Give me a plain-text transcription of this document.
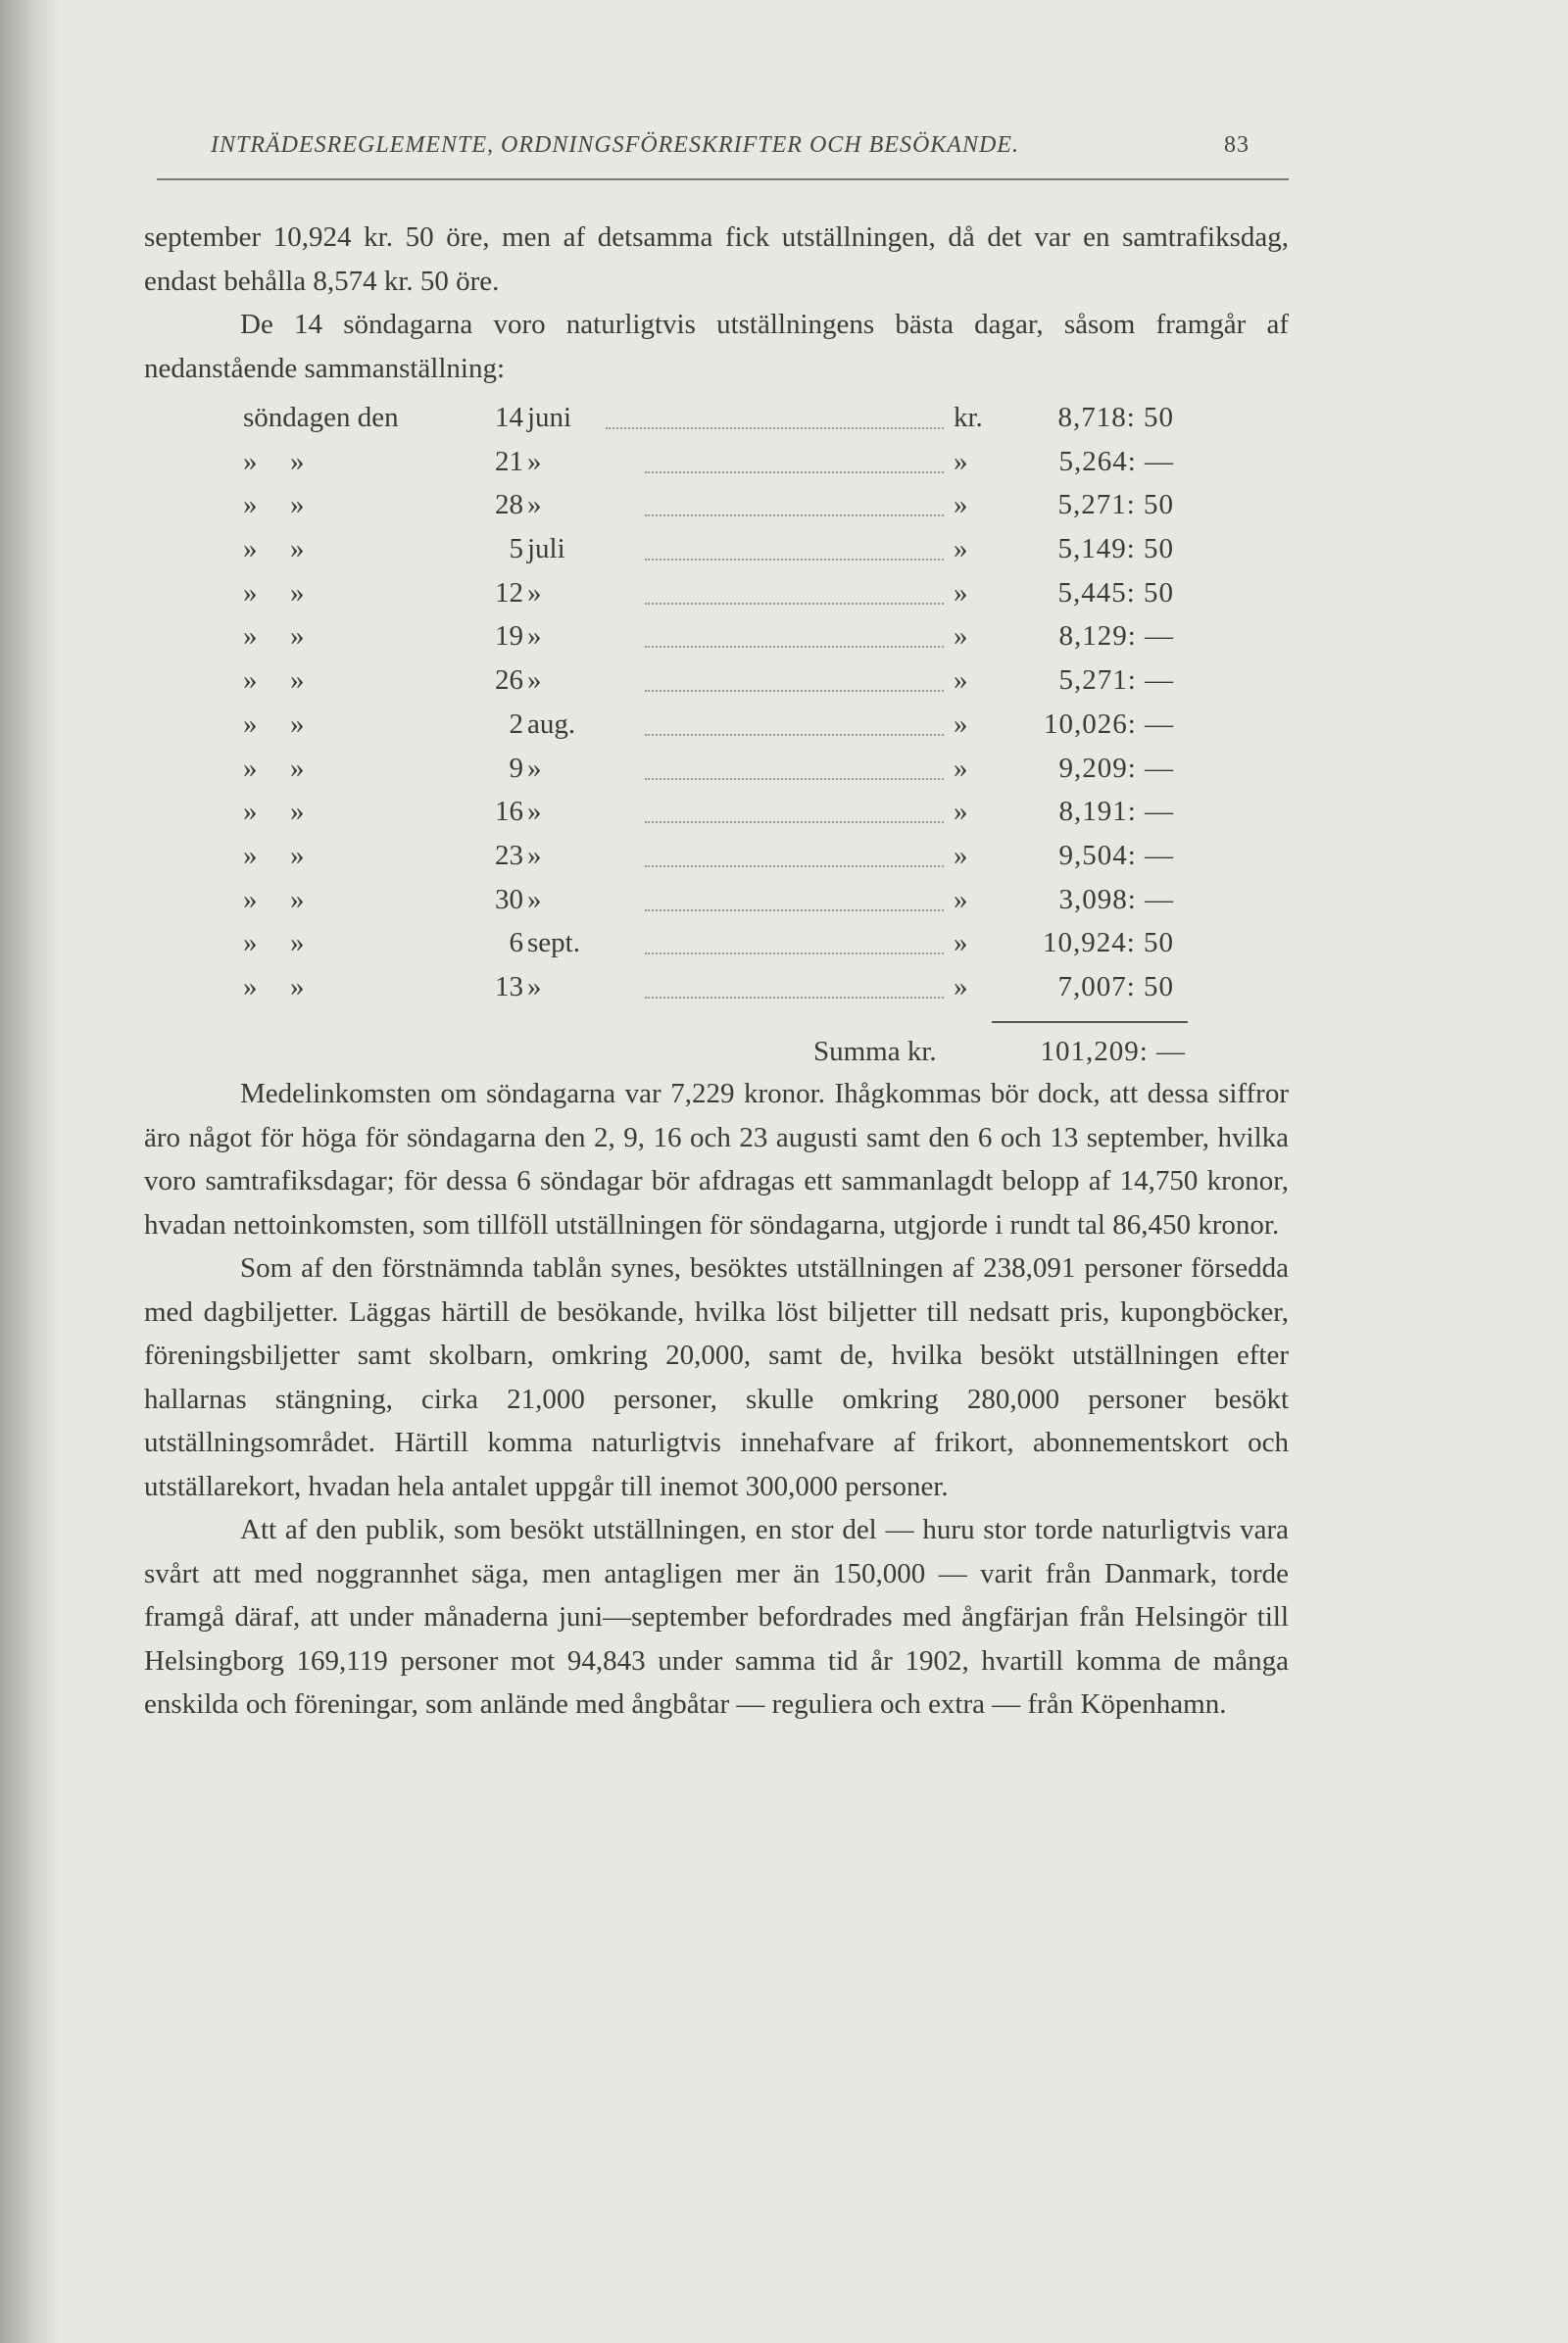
INTRÄDESREGLEMENTE, ORDNINGSFÖRESKRIFTER OCH BESÖKANDE.	83

september 10,924 kr. 50 öre, men af detsamma fick utställningen, då det var en samtrafiksdag, endast behålla 8,574 kr. 50 öre.

De 14 söndagarna voro naturligtvis utställningens bästa dagar, såsom framgår af nedanstående sammanställning:

söndagen den	14 juni	kr.	8,718: 50
» »	21 »	»	5,264: —
» »	28 »	»	5,271: 50
» »	5 juli	»	5,149: 50
» »	12 »	»	5,445: 50
» »	19 »	»	8,129: —
» »	26 »	»	5,271: —
» »	2 aug.	»	10,026: —
» »	9 »	»	9,209: —
» »	16 »	»	8,191: —
» »	23 »	»	9,504: —
» »	30 »	»	3,098: —
» »	6 sept.	»	10,924: 50
» »	13 »	»	7,007: 50
Summa kr.	101,209: —

Medelinkomsten om söndagarna var 7,229 kronor. Ihågkommas bör dock, att dessa siffror äro något för höga för söndagarna den 2, 9, 16 och 23 augusti samt den 6 och 13 september, hvilka voro samtrafiksdagar; för dessa 6 söndagar bör afdragas ett sammanlagdt belopp af 14,750 kronor, hvadan nettoinkomsten, som tillföll utställningen för söndagarna, utgjorde i rundt tal 86,450 kronor.

Som af den förstnämnda tablån synes, besöktes utställningen af 238,091 personer försedda med dagbiljetter. Läggas härtill de besökande, hvilka löst biljetter till nedsatt pris, kupongböcker, föreningsbiljetter samt skolbarn, omkring 20,000, samt de, hvilka besökt utställningen efter hallarnas stängning, cirka 21,000 personer, skulle omkring 280,000 personer besökt utställningsområdet. Härtill komma naturligtvis innehafvare af frikort, abonnementskort och utställarekort, hvadan hela antalet uppgår till inemot 300,000 personer.

Att af den publik, som besökt utställningen, en stor del — huru stor torde naturligtvis vara svårt att med noggrannhet säga, men antagligen mer än 150,000 — varit från Danmark, torde framgå däraf, att under månaderna juni—september befordrades med ångfärjan från Helsingör till Helsingborg 169,119 personer mot 94,843 under samma tid år 1902, hvartill komma de många enskilda och föreningar, som anlände med ångbåtar — reguliera och extra — från Köpenhamn.
